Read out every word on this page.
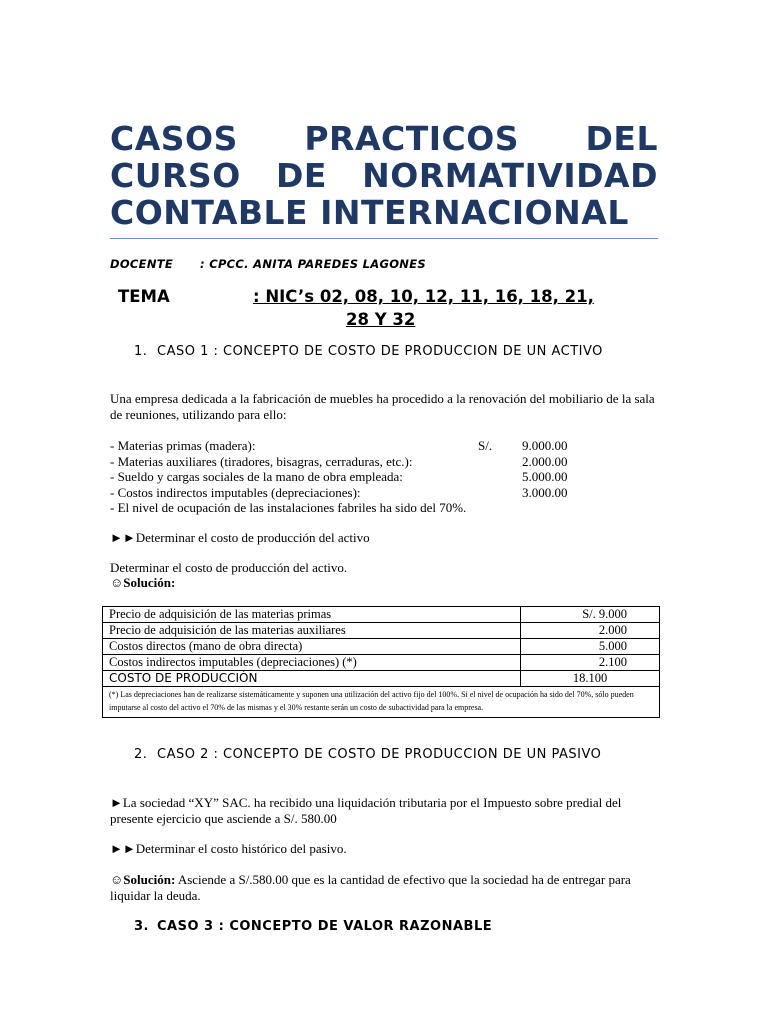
CASOS PRACTICOS DEL CURSO DE NORMATIVIDAD CONTABLE INTERNACIONAL
DOCENTE : CPCC. ANITA PAREDES LAGONES
TEMA	: NIC’s 02, 08, 10, 12, 11, 16, 18, 21,
28 Y 32
1. CASO 1 : CONCEPTO DE COSTO DE PRODUCCION DE UN ACTIVO

Una empresa dedicada a la fabricación de muebles ha procedido a la renovación del mobiliario de la sala de reuniones, utilizando para ello:

- Materias primas (madera):	S/. 9.000.00
- Materias auxiliares (tiradores, bisagras, cerraduras, etc.):	2.000.00
- Sueldo y cargas sociales de la mano de obra empleada:	5.000.00
- Costos indirectos imputables (depreciaciones):	3.000.00
- El nivel de ocupación de las instalaciones fabriles ha sido del 70%.

►►Determinar el costo de producción del activo

Determinar el costo de producción del activo.

☺Solución:

Precio de adquisición de las materias primas	S/. 9.000
Precio de adquisición de las materias auxiliares	2.000
Costos directos (mano de obra directa)	5.000
Costos indirectos imputables (depreciaciones) (*)	2.100
COSTO DE PRODUCCIÓN	18.100
(*) Las depreciaciones han de realizarse sistemáticamente y suponen una utilización del activo fijo del 100%. Si el nivel de ocupación ha sido del 70%, sólo pueden imputarse al costo del activo el 70% de las mismas y el 30% restante serán un costo de subactividad para la empresa.	
2. CASO 2 : CONCEPTO DE COSTO DE PRODUCCION DE UN PASIVO

►La sociedad “XY” SAC. ha recibido una liquidación tributaria por el Impuesto sobre predial del presente ejercicio que asciende a S/. 580.00

►►Determinar el costo histórico del pasivo.

☺Solución: Asciende a S/.580.00 que es la cantidad de efectivo que la sociedad ha de entregar para liquidar la deuda.

3. CASO 3 : CONCEPTO DE VALOR RAZONABLE
